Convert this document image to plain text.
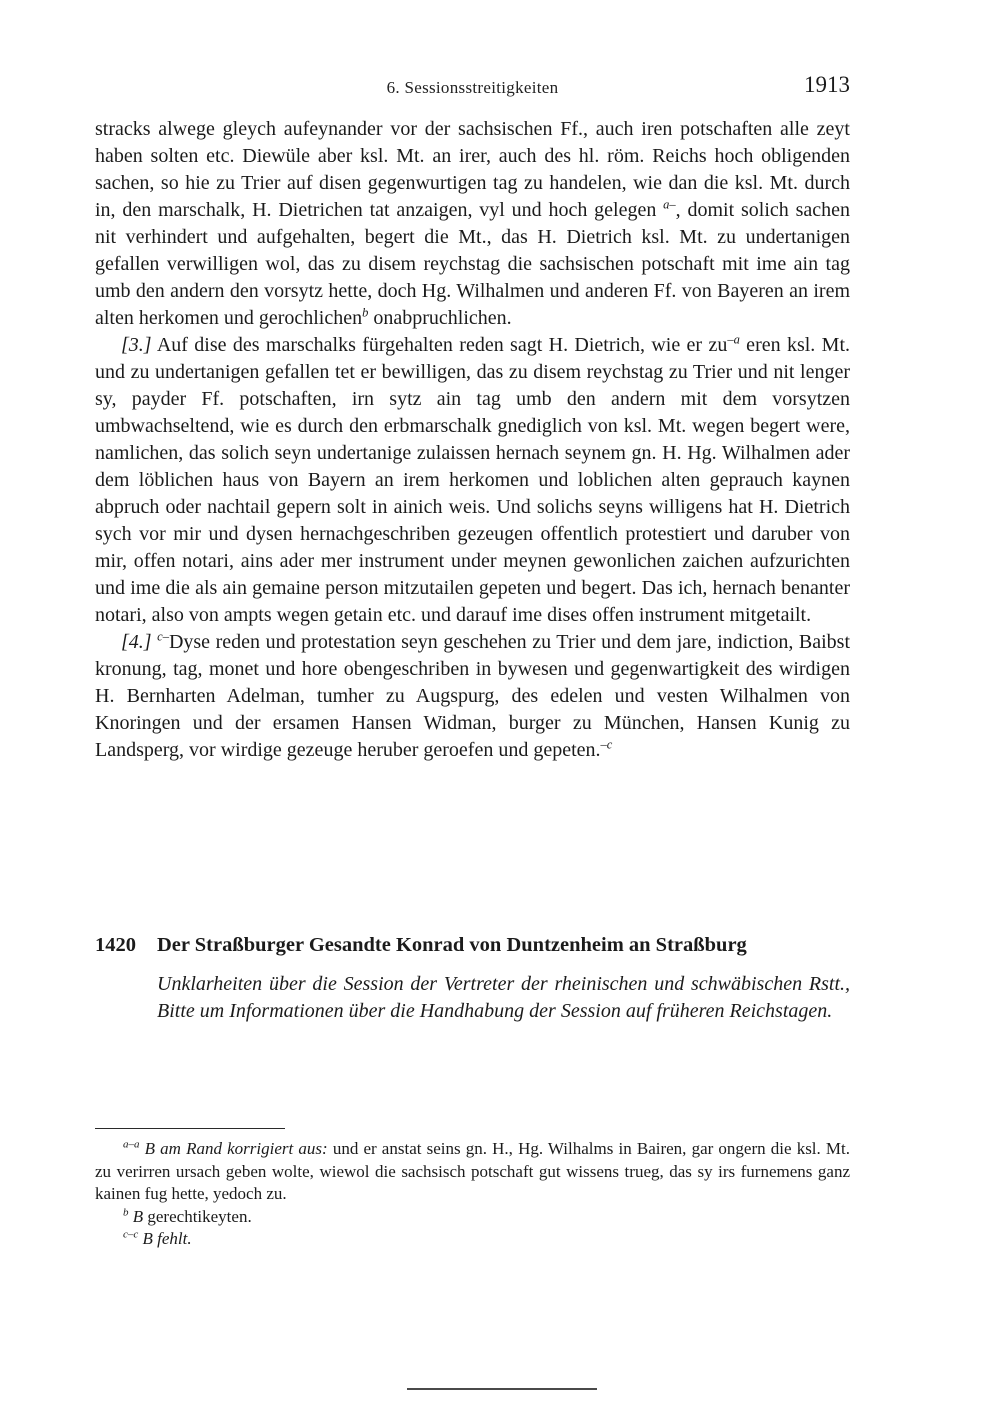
6. Sessionsstreitigkeiten	1913

stracks alwege gleych aufeynander vor der sachsischen Ff., auch iren potschaften alle zeyt haben solten etc. Diewüle aber ksl. Mt. an irer, auch des hl. röm. Reichs hoch obligenden sachen, so hie zu Trier auf disen gegenwurtigen tag zu handelen, wie dan die ksl. Mt. durch in, den marschalk, H. Dietrichen tat anzaigen, vyl und hoch gelegen $^{a-}$, domit solich sachen nit verhindert und aufgehalten, begert die Mt., das H. Dietrich ksl. Mt. zu undertanigen gefallen verwilligen wol, das zu disem reychstag die sachsischen potschaft mit ime ain tag umb den andern den vorsytz hette, doch Hg. Wilhalmen und anderen Ff. von Bayeren an irem alten herkomen und gerochlichen$^b$ onabpruchlichen.

[3.] Auf dise des marschalks fürgehalten reden sagt H. Dietrich, wie er $zu^{-a}$ eren ksl. Mt. und zu undertanigen gefallen tet er bewilligen, das zu disem reychstag zu Trier und nit lenger sy, payder Ff. potschaften, irn sytz ain tag umb den andern mit dem vorsytzen umbwachseltend, wie es durch den erbmarschalk gnediglich von ksl. Mt. wegen begert were, namlichen, das solich seyn undertanige zulaissen hernach seynem gn. H. Hg. Wilhalmen ader dem löblichen haus von Bayern an irem herkomen und loblichen alten geprauch kaynen abpruch oder nachtail gepern solt in ainich weis. Und solichs seyns willigens hat H. Dietrich sych vor mir und dysen hernachgeschriben gezeugen offentlich protestiert und daruber von mir, offen notari, ains ader mer instrument under meynen gewonlichen zaichen aufzurichten und ime die als ain gemaine person mitzutailen gepeten und begert. Das ich, hernach benanter notari, also von ampts wegen getain etc. und darauf ime dises offen instrument mitgetailt.

[4.] $^{c-}$Dyse reden und protestation seyn geschehen zu Trier und dem jare, indiction, Baibst kronung, tag, monet und hore obengeschriben in bywesen und gegenwartigkeit des wirdigen H. Bernharten Adelman, tumher zu Augspurg, des edelen und vesten Wilhalmen von Knoringen und der ersamen Hansen Widman, burger zu München, Hansen Kunig zu Landsperg, vor wirdige gezeuge heruber geroefen und gepeten.$^{-c}$

1420	Der Straßburger Gesandte Konrad von Duntzenheim an Straßburg

Unklarheiten über die Session der Vertreter der rheinischen und schwäbischen Rstt., Bitte um Informationen über die Handhabung der Session auf früheren Reichstagen.

$^{a-a}$ B am Rand korrigiert aus: und er anstat seins gn. H., Hg. Wilhalms in Bairen, gar ongern die ksl. Mt. zu verirren ursach geben wolte, wiewol die sachsisch potschaft gut wissens trueg, das sy irs furnemens ganz kainen fug hette, yedoch zu.

$^b$ B gerechtikeyten.

$^{c-c}$ B fehlt.
